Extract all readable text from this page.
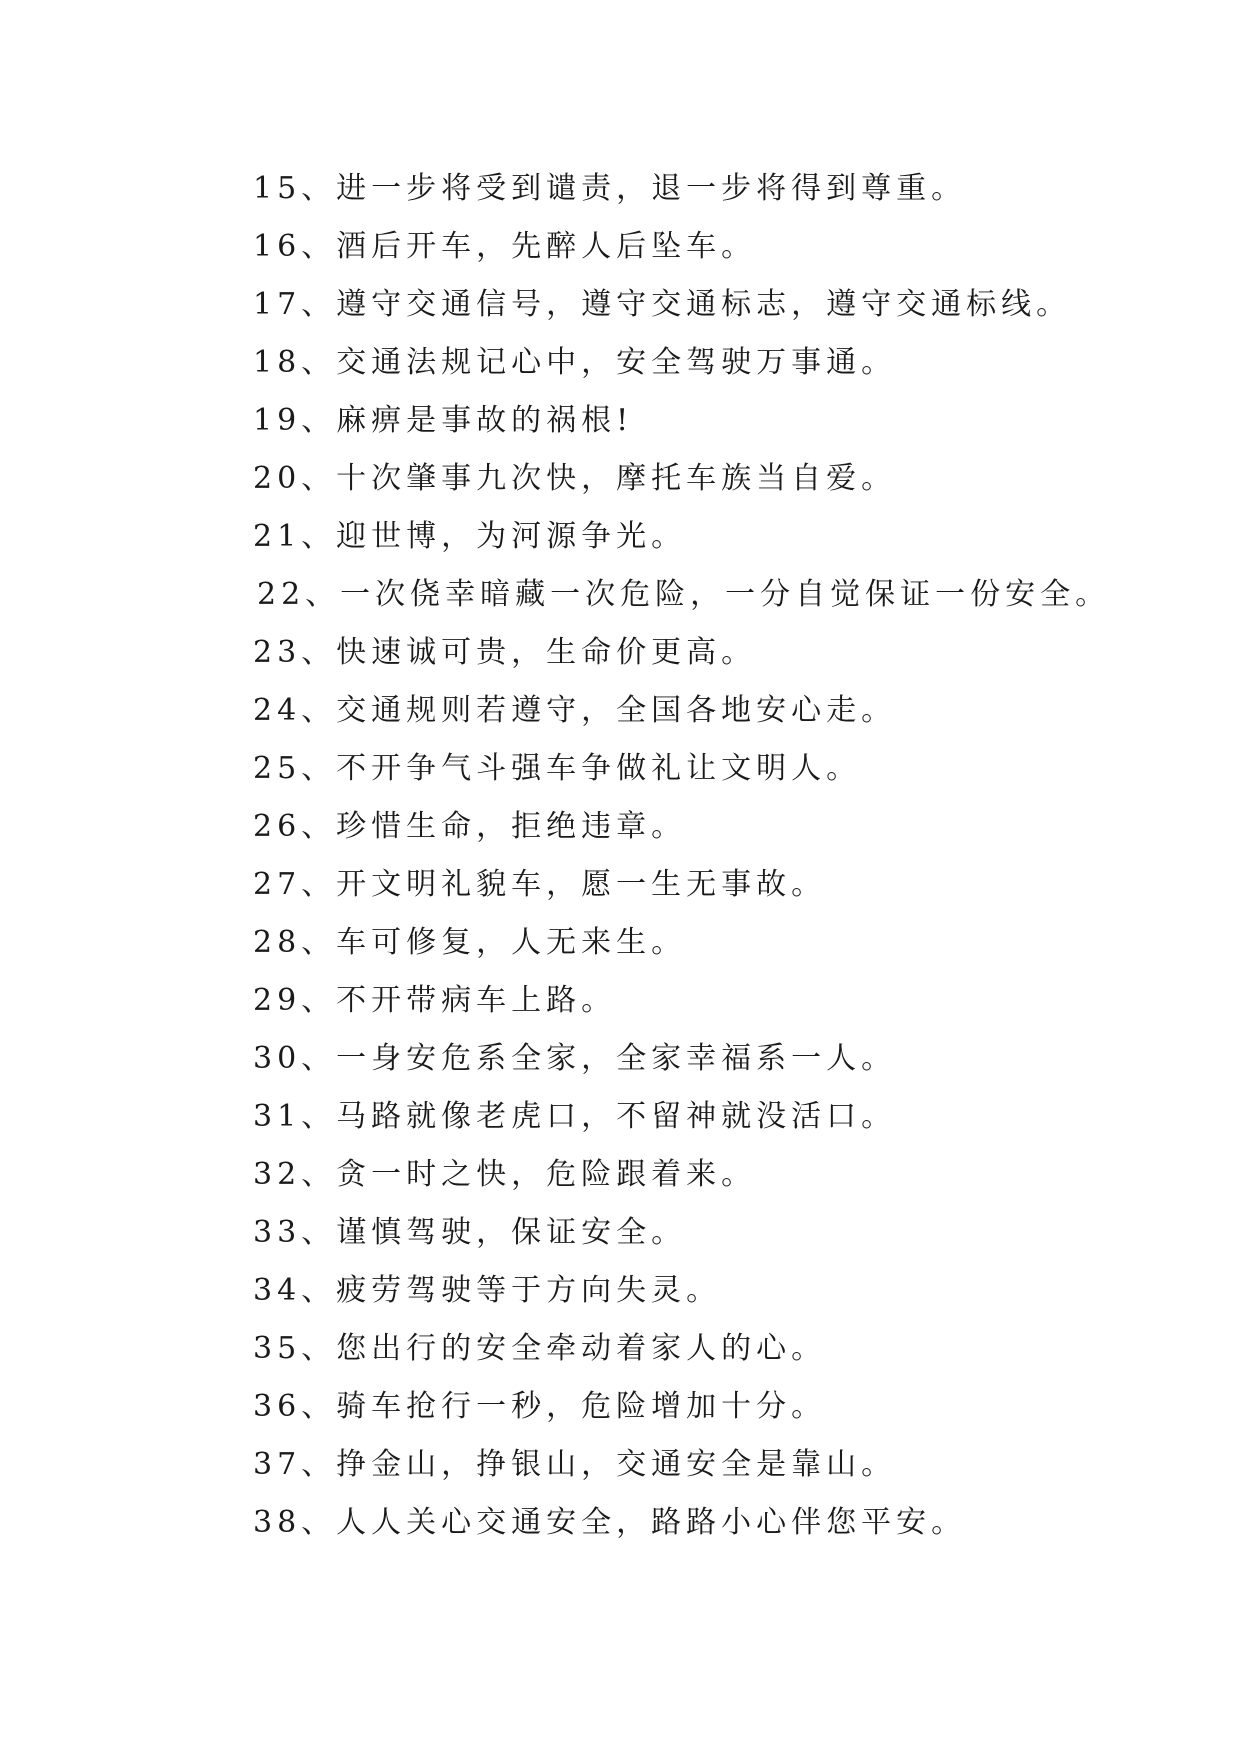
15、进一步将受到谴责，退一步将得到尊重。
16、酒后开车，先醉人后坠车。
17、遵守交通信号，遵守交通标志，遵守交通标线。
18、交通法规记心中，安全驾驶万事通。
19、麻痹是事故的祸根!
20、十次肇事九次快，摩托车族当自爱。
21、迎世博，为河源争光。
22、一次侥幸暗藏一次危险，一分自觉保证一份安全。
23、快速诚可贵，生命价更高。
24、交通规则若遵守，全国各地安心走。
25、不开争气斗强车争做礼让文明人。
26、珍惜生命，拒绝违章。
27、开文明礼貌车，愿一生无事故。
28、车可修复，人无来生。
29、不开带病车上路。
30、一身安危系全家，全家幸福系一人。
31、马路就像老虎口，不留神就没活口。
32、贪一时之快，危险跟着来。
33、谨慎驾驶，保证安全。
34、疲劳驾驶等于方向失灵。
35、您出行的安全牵动着家人的心。
36、骑车抢行一秒，危险增加十分。
37、挣金山，挣银山，交通安全是靠山。
38、人人关心交通安全，路路小心伴您平安。
